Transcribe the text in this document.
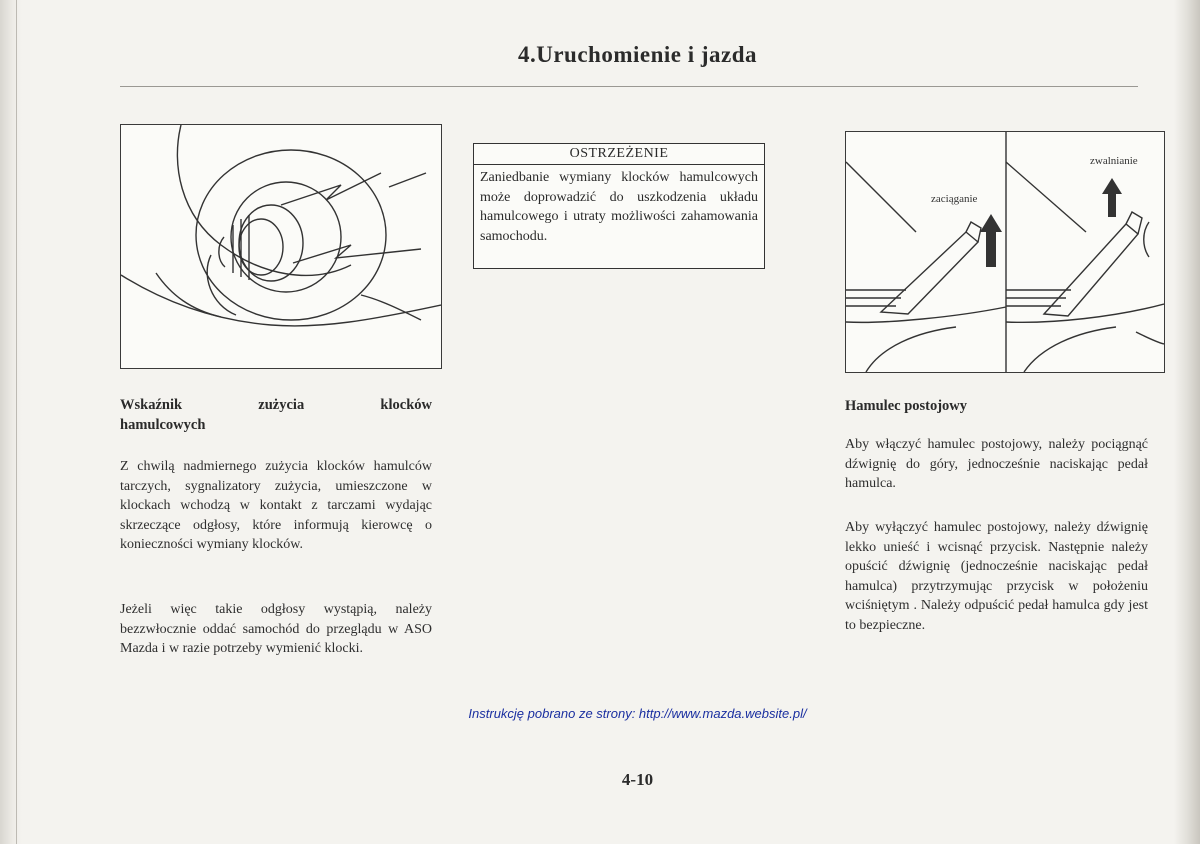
4.Uruchomienie i jazda
OSTRZEŻENIE
Zaniedbanie wymiany klocków hamulcowych może doprowadzić do uszkodzenia układu hamulcowego i utraty możliwości zahamowania samochodu.
zaciąganie
zwalnianie
Wskaźnik zużycia klocków
hamulcowych
Z chwilą nadmiernego zużycia klocków hamulców tarczych, sygnalizatory zużycia, umieszczone w klockach wchodzą w kontakt z tarczami wydając skrzeczące odgłosy, które informują kierowcę o konieczności wymiany klocków.
Jeżeli więc takie odgłosy wystąpią, należy bezzwłocznie oddać samochód do przeglądu w ASO Mazda i w razie potrzeby wymienić klocki.
Hamulec postojowy
Aby włączyć hamulec postojowy, należy pociągnąć dźwignię do góry, jednocześnie naciskając pedał hamulca.
Aby wyłączyć hamulec postojowy, należy dźwignię lekko unieść i wcisnąć przycisk. Następnie należy opuścić dźwignię (jednocześnie naciskając pedał hamulca) przytrzymując przycisk w położeniu wciśniętym . Należy odpuścić pedał hamulca gdy jest to bezpieczne.
Instrukcję pobrano ze strony: http://www.mazda.website.pl/
4-10
